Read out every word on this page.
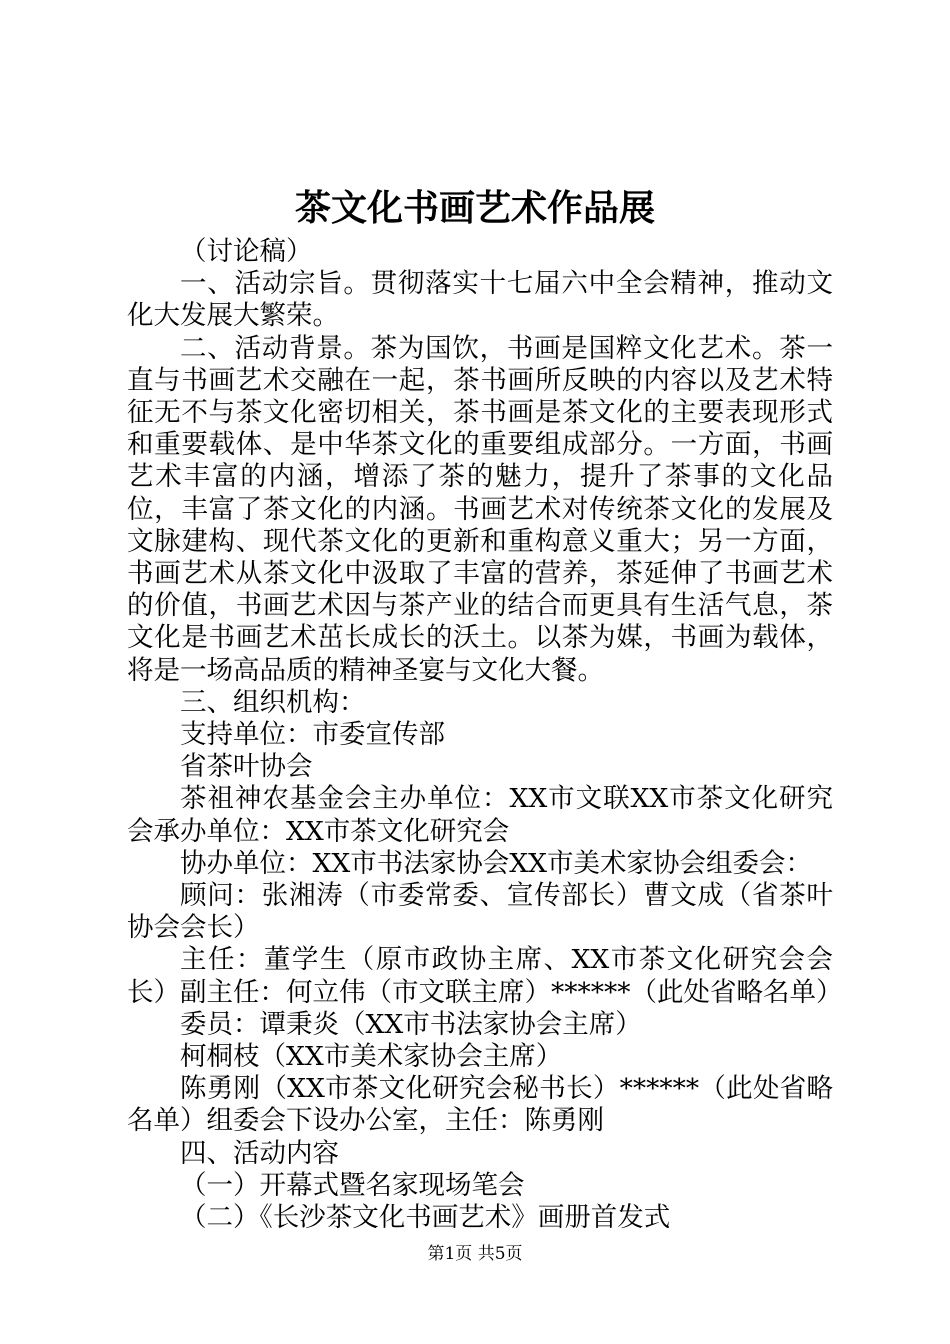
茶文化书画艺术作品展

（讨论稿）

一、活动宗旨。贯彻落实十七届六中全会精神，推动文化大发展大繁荣。

二、活动背景。茶为国饮，书画是国粹文化艺术。茶一直与书画艺术交融在一起，茶书画所反映的内容以及艺术特征无不与茶文化密切相关，茶书画是茶文化的主要表现形式和重要载体、是中华茶文化的重要组成部分。一方面，书画艺术丰富的内涵，增添了茶的魅力，提升了茶事的文化品位，丰富了茶文化的内涵。书画艺术对传统茶文化的发展及文脉建构、现代茶文化的更新和重构意义重大；另一方面，书画艺术从茶文化中汲取了丰富的营养，茶延伸了书画艺术的价值，书画艺术因与茶产业的结合而更具有生活气息，茶文化是书画艺术茁长成长的沃土。以茶为媒，书画为载体，将是一场高品质的精神圣宴与文化大餐。

三、组织机构：

支持单位：市委宣传部

省茶叶协会

茶祖神农基金会主办单位：XX市文联XX市茶文化研究会承办单位：XX市茶文化研究会

协办单位：XX市书法家协会XX市美术家协会组委会：

顾问：张湘涛（市委常委、宣传部长）曹文成（省茶叶协会会长）

主任：董学生（原市政协主席、XX市茶文化研究会会长）副主任：何立伟（市文联主席）******（此处省略名单）

委员：谭秉炎（XX市书法家协会主席）

柯桐枝（XX市美术家协会主席）

陈勇刚（XX市茶文化研究会秘书长）******（此处省略名单）组委会下设办公室，主任：陈勇刚

四、活动内容

（一）开幕式暨名家现场笔会

（二）《长沙茶文化书画艺术》画册首发式

第1页 共5页
